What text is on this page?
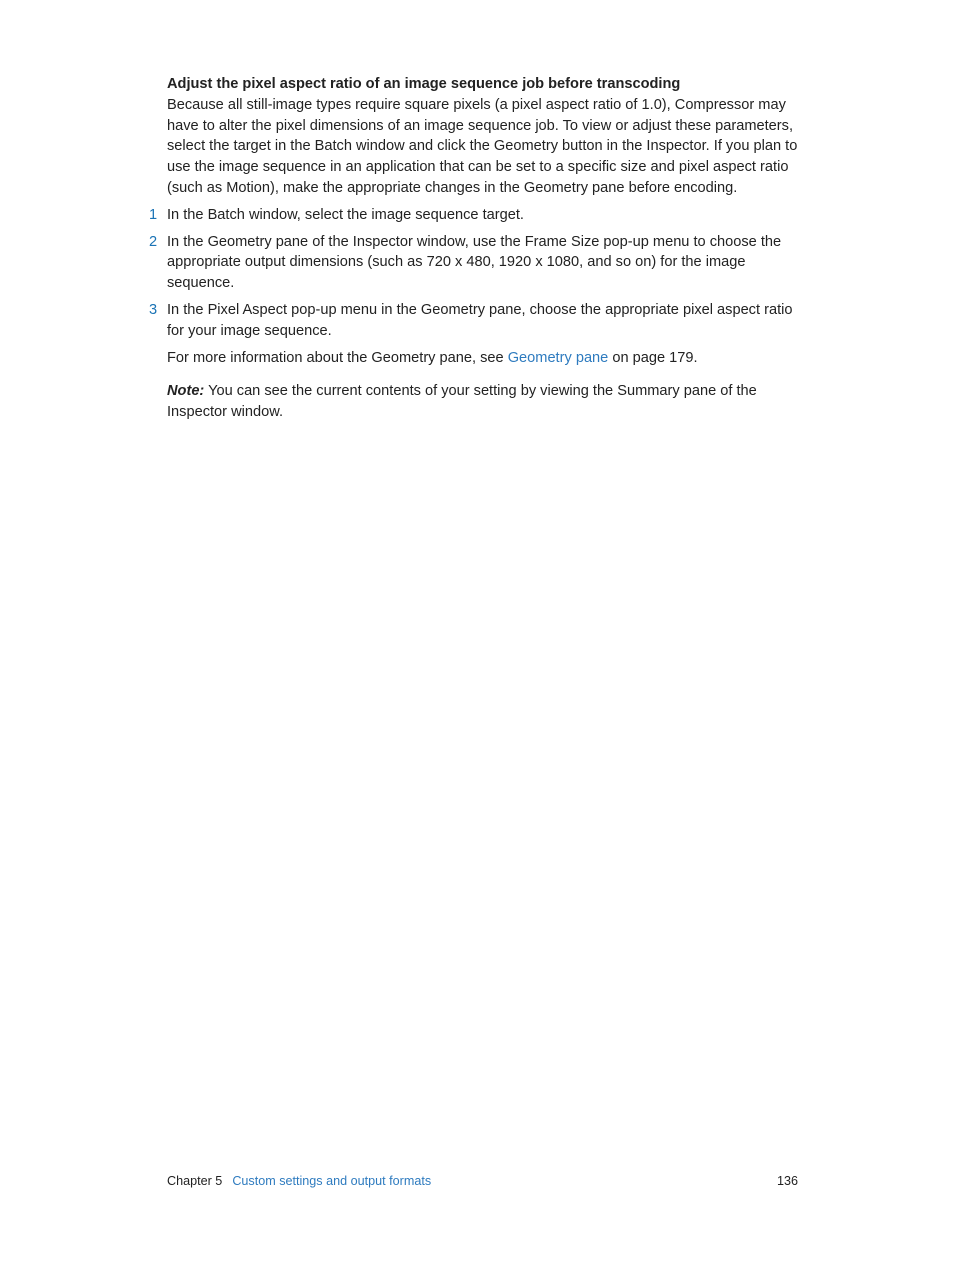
Adjust the pixel aspect ratio of an image sequence job before transcoding

Because all still-image types require square pixels (a pixel aspect ratio of 1.0), Compressor may have to alter the pixel dimensions of an image sequence job. To view or adjust these parameters, select the target in the Batch window and click the Geometry button in the Inspector. If you plan to use the image sequence in an application that can be set to a specific size and pixel aspect ratio (such as Motion), make the appropriate changes in the Geometry pane before encoding.

1 In the Batch window, select the image sequence target.
2 In the Geometry pane of the Inspector window, use the Frame Size pop-up menu to choose the appropriate output dimensions (such as 720 x 480, 1920 x 1080, and so on) for the image sequence.
3 In the Pixel Aspect pop-up menu in the Geometry pane, choose the appropriate pixel aspect ratio for your image sequence.

For more information about the Geometry pane, see Geometry pane on page 179.

Note: You can see the current contents of your setting by viewing the Summary pane of the Inspector window.

Chapter 5 Custom settings and output formats	136
